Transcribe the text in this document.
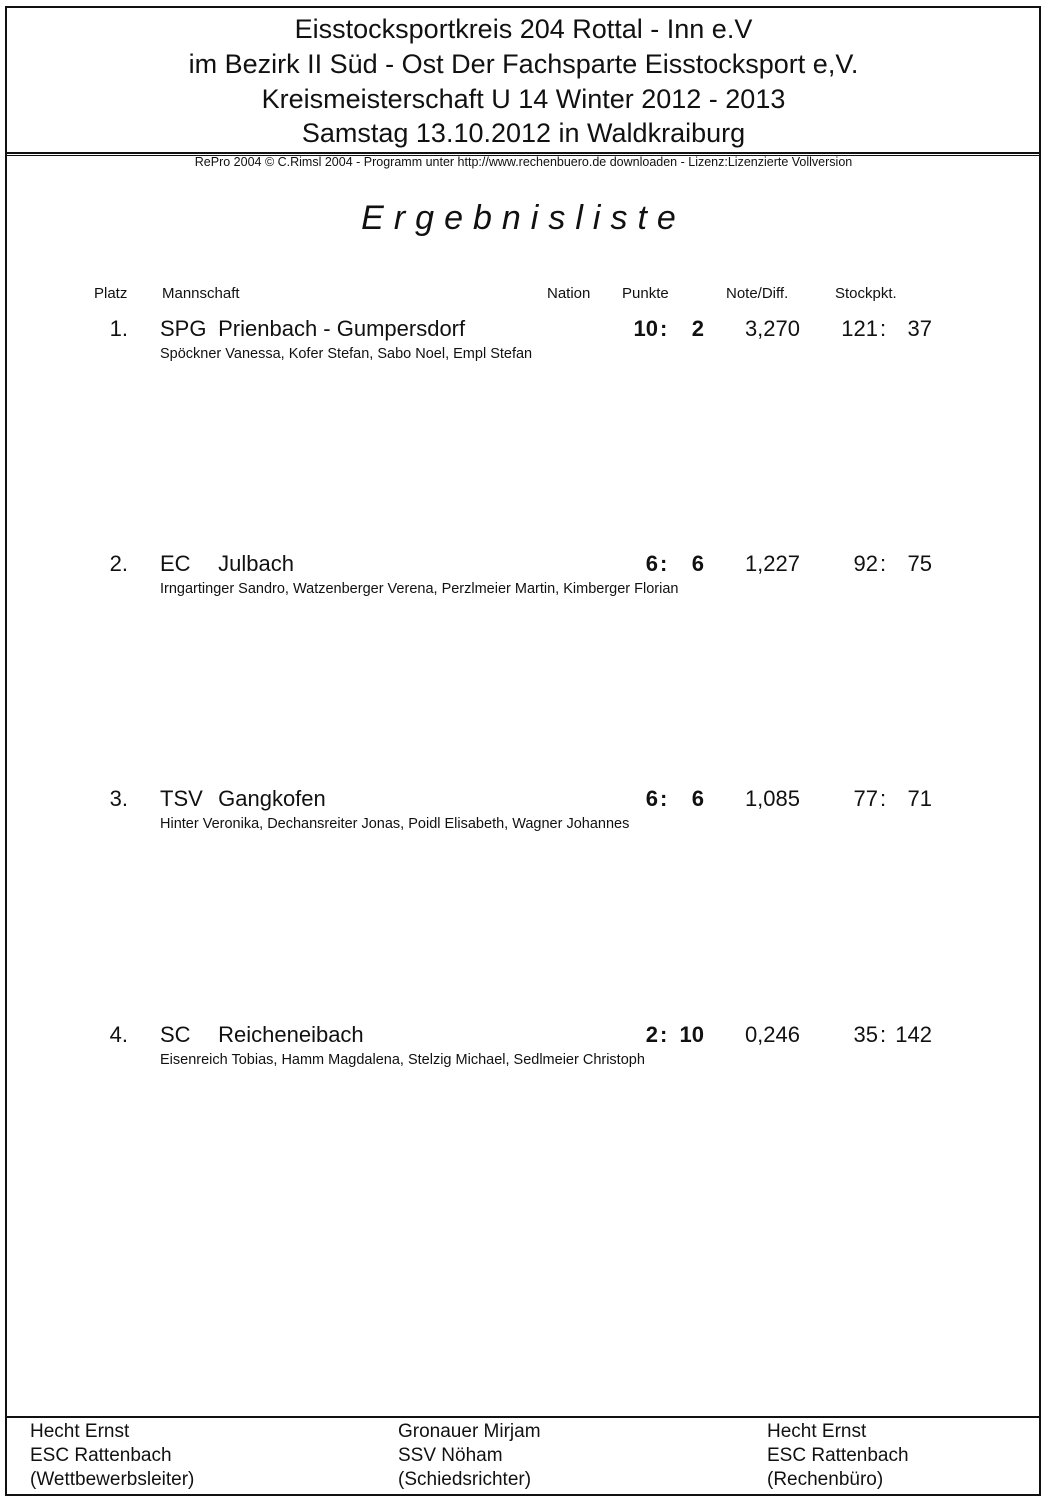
Eisstocksportkreis 204 Rottal - Inn e.V
im Bezirk II Süd - Ost Der Fachsparte Eisstocksport e,V.
Kreismeisterschaft U 14 Winter 2012 - 2013
Samstag 13.10.2012 in Waldkraiburg
RePro 2004 © C.Rimsl 2004 - Programm unter http://www.rechenbuero.de downloaden - Lizenz:Lizenzierte Vollversion
Ergebnisliste
Platz Mannschaft	Nation Punkte	Note/Diff.	Stockpkt.
1. SPG Prienbach - Gumpersdorf	10 : 2	3,270 121 : 37
Spöckner Vanessa, Kofer Stefan, Sabo Noel, Empl Stefan
2. EC Julbach	6 : 6	1,227 92 : 75
Irngartinger Sandro, Watzenberger Verena, Perzlmeier Martin, Kimberger Florian
3. TSV Gangkofen	6 : 6	1,085 77 : 71
Hinter Veronika, Dechansreiter Jonas, Poidl Elisabeth, Wagner Johannes
4. SC Reicheneibach	2 : 10	0,246 35 : 142
Eisenreich Tobias, Hamm Magdalena, Stelzig Michael, Sedlmeier Christoph
Hecht Ernst
ESC Rattenbach
(Wettbewerbsleiter)
Gronauer Mirjam
SSV Nöham
(Schiedsrichter)
Hecht Ernst
ESC Rattenbach
(Rechenbüro)
